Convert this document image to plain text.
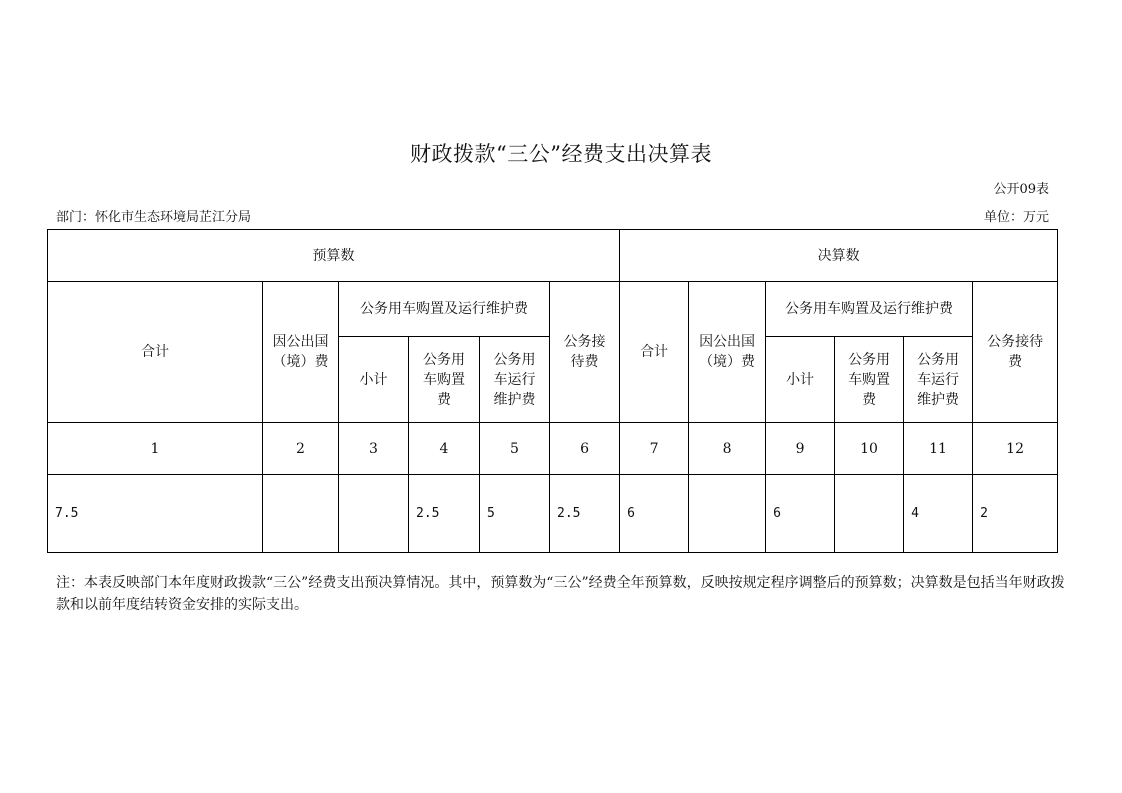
财政拨款“三公”经费支出决算表
公开09表
部门：怀化市生态环境局芷江分局	单位：万元
预算数						决算数					
合计	因公出国（境）费	公务用车购置及运行维护费			公务接待费	合计	因公出国（境）费	公务用车购置及运行维护费			公务接待费
		小计	公务用车购置费	公务用车运行维护费				小计	公务用车购置费	公务用车运行维护费	
1	2	3	4	5	6	7	8	9	10	11	12
7.5			2.5	5	2.5	6		6		4	2
注：本表反映部门本年度财政拨款“三公”经费支出预决算情况。其中，预算数为“三公”经费全年预算数，反映按规定程序调整后的预算数；决算数是包括当年财政拨款和以前年度结转资金安排的实际支出。
